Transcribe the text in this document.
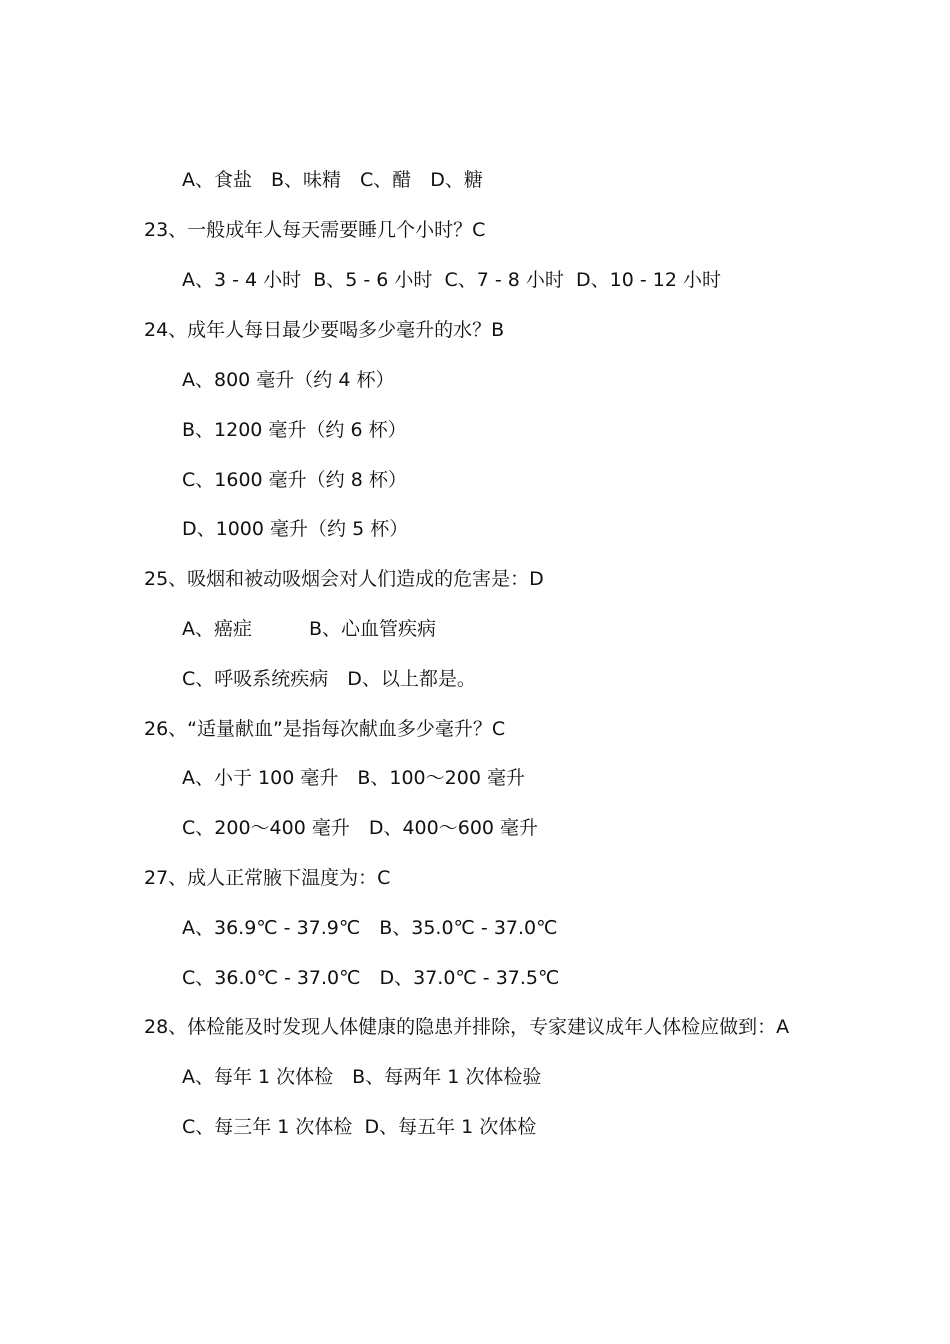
A、食盐　B、味精　C、醋　D、糖

23、一般成年人每天需要睡几个小时？C

A、3 - 4 小时  B、5 - 6 小时  C、7 - 8 小时  D、10 - 12 小时

24、成年人每日最少要喝多少毫升的水？B

A、800 毫升（约 4 杯）

B、1200 毫升（约 6 杯）

C、1600 毫升（约 8 杯）

D、1000 毫升（约 5 杯）

25、吸烟和被动吸烟会对人们造成的危害是：D

A、癌症　　　B、心血管疾病

C、呼吸系统疾病　D、以上都是。

26、“适量献血”是指每次献血多少毫升？C

A、小于 100 毫升　B、100～200 毫升

C、200～400 毫升　D、400～600 毫升

27、成人正常腋下温度为：C

A、36.9℃ - 37.9℃　B、35.0℃ - 37.0℃

C、36.0℃ - 37.0℃　D、37.0℃ - 37.5℃

28、体检能及时发现人体健康的隐患并排除，专家建议成年人体检应做到：A

A、每年 1 次体检　B、每两年 1 次体检验

C、每三年 1 次体检  D、每五年 1 次体检
